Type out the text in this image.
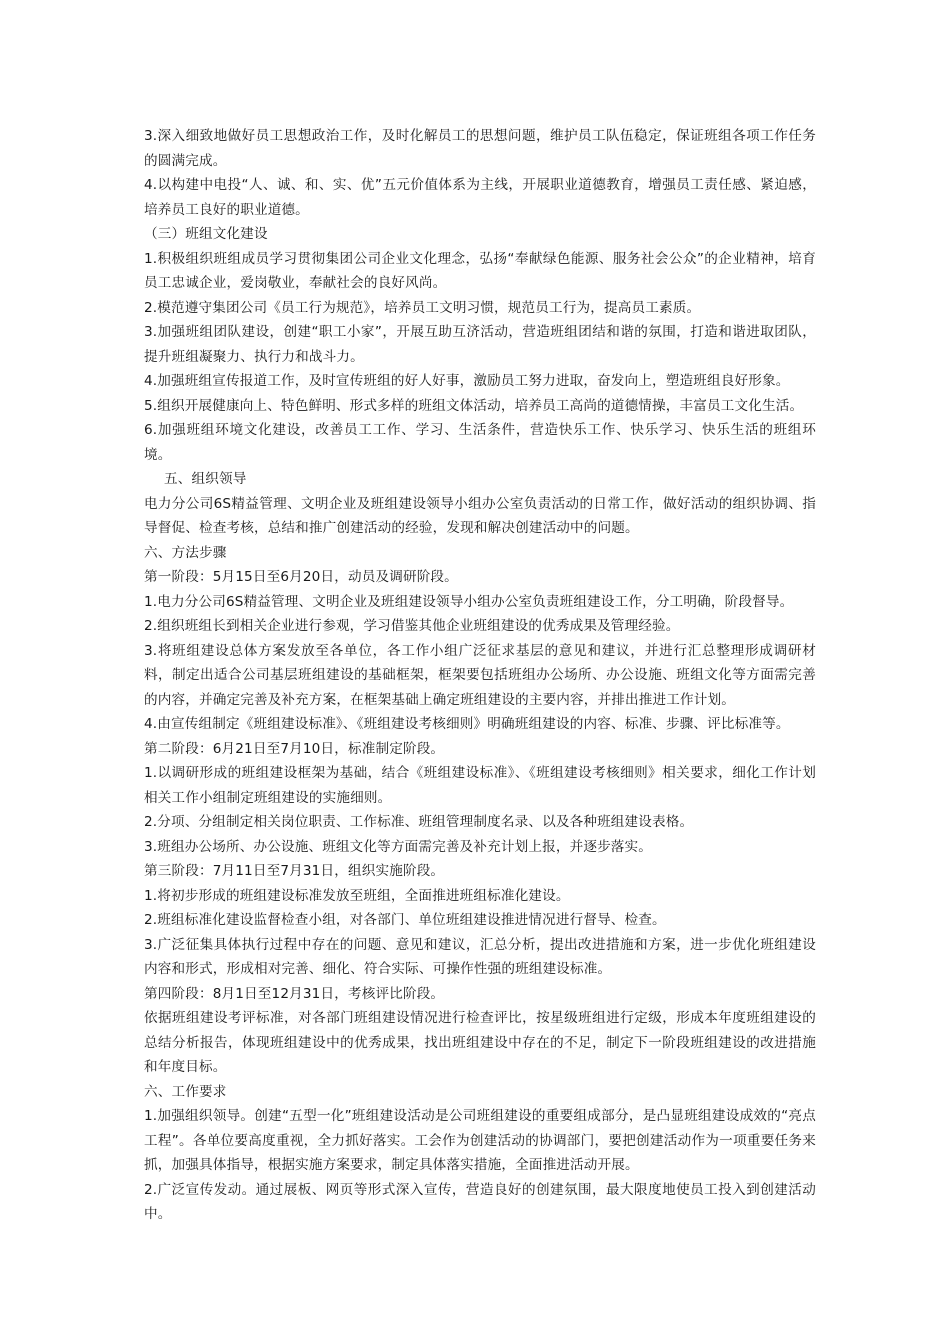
3.深入细致地做好员工思想政治工作，及时化解员工的思想问题，维护员工队伍稳定，保证班组各项工作任务的圆满完成。

4.以构建中电投“人、诚、和、实、优”五元价值体系为主线，开展职业道德教育，增强员工责任感、紧迫感，培养员工良好的职业道德。

（三）班组文化建设

1.积极组织班组成员学习贯彻集团公司企业文化理念，弘扬“奉献绿色能源、服务社会公众”的企业精神，培育员工忠诚企业，爱岗敬业，奉献社会的良好风尚。

2.模范遵守集团公司《员工行为规范》，培养员工文明习惯，规范员工行为，提高员工素质。

3.加强班组团队建设，创建“职工小家”，开展互助互济活动，营造班组团结和谐的氛围，打造和谐进取团队，提升班组凝聚力、执行力和战斗力。

4.加强班组宣传报道工作，及时宣传班组的好人好事，激励员工努力进取，奋发向上，塑造班组良好形象。

5.组织开展健康向上、特色鲜明、形式多样的班组文体活动，培养员工高尚的道德情操，丰富员工文化生活。

6.加强班组环境文化建设，改善员工工作、学习、生活条件，营造快乐工作、快乐学习、快乐生活的班组环境。

五、组织领导

电力分公司6S精益管理、文明企业及班组建设领导小组办公室负责活动的日常工作，做好活动的组织协调、指导督促、检查考核，总结和推广创建活动的经验，发现和解决创建活动中的问题。

六、方法步骤

第一阶段：5月15日至6月20日，动员及调研阶段。

1.电力分公司6S精益管理、文明企业及班组建设领导小组办公室负责班组建设工作，分工明确，阶段督导。

2.组织班组长到相关企业进行参观，学习借鉴其他企业班组建设的优秀成果及管理经验。

3.将班组建设总体方案发放至各单位，各工作小组广泛征求基层的意见和建议，并进行汇总整理形成调研材料，制定出适合公司基层班组建设的基础框架，框架要包括班组办公场所、办公设施、班组文化等方面需完善的内容，并确定完善及补充方案，在框架基础上确定班组建设的主要内容，并排出推进工作计划。

4.由宣传组制定《班组建设标准》、《班组建设考核细则》明确班组建设的内容、标准、步骤、评比标准等。

第二阶段：6月21日至7月10日，标准制定阶段。

1.以调研形成的班组建设框架为基础，结合《班组建设标准》、《班组建设考核细则》相关要求，细化工作计划相关工作小组制定班组建设的实施细则。

2.分项、分组制定相关岗位职责、工作标准、班组管理制度名录、以及各种班组建设表格。

3.班组办公场所、办公设施、班组文化等方面需完善及补充计划上报，并逐步落实。

第三阶段：7月11日至7月31日，组织实施阶段。

1.将初步形成的班组建设标准发放至班组，全面推进班组标准化建设。

2.班组标准化建设监督检查小组，对各部门、单位班组建设推进情况进行督导、检查。

3.广泛征集具体执行过程中存在的问题、意见和建议，汇总分析，提出改进措施和方案，进一步优化班组建设内容和形式，形成相对完善、细化、符合实际、可操作性强的班组建设标准。

第四阶段：8月1日至12月31日，考核评比阶段。

依据班组建设考评标准，对各部门班组建设情况进行检查评比，按星级班组进行定级，形成本年度班组建设的总结分析报告，体现班组建设中的优秀成果，找出班组建设中存在的不足，制定下一阶段班组建设的改进措施和年度目标。

六、工作要求

1.加强组织领导。创建“五型一化”班组建设活动是公司班组建设的重要组成部分，是凸显班组建设成效的“亮点工程”。各单位要高度重视，全力抓好落实。工会作为创建活动的协调部门，要把创建活动作为一项重要任务来抓，加强具体指导，根据实施方案要求，制定具体落实措施，全面推进活动开展。

2.广泛宣传发动。通过展板、网页等形式深入宣传，营造良好的创建氛围，最大限度地使员工投入到创建活动中。
